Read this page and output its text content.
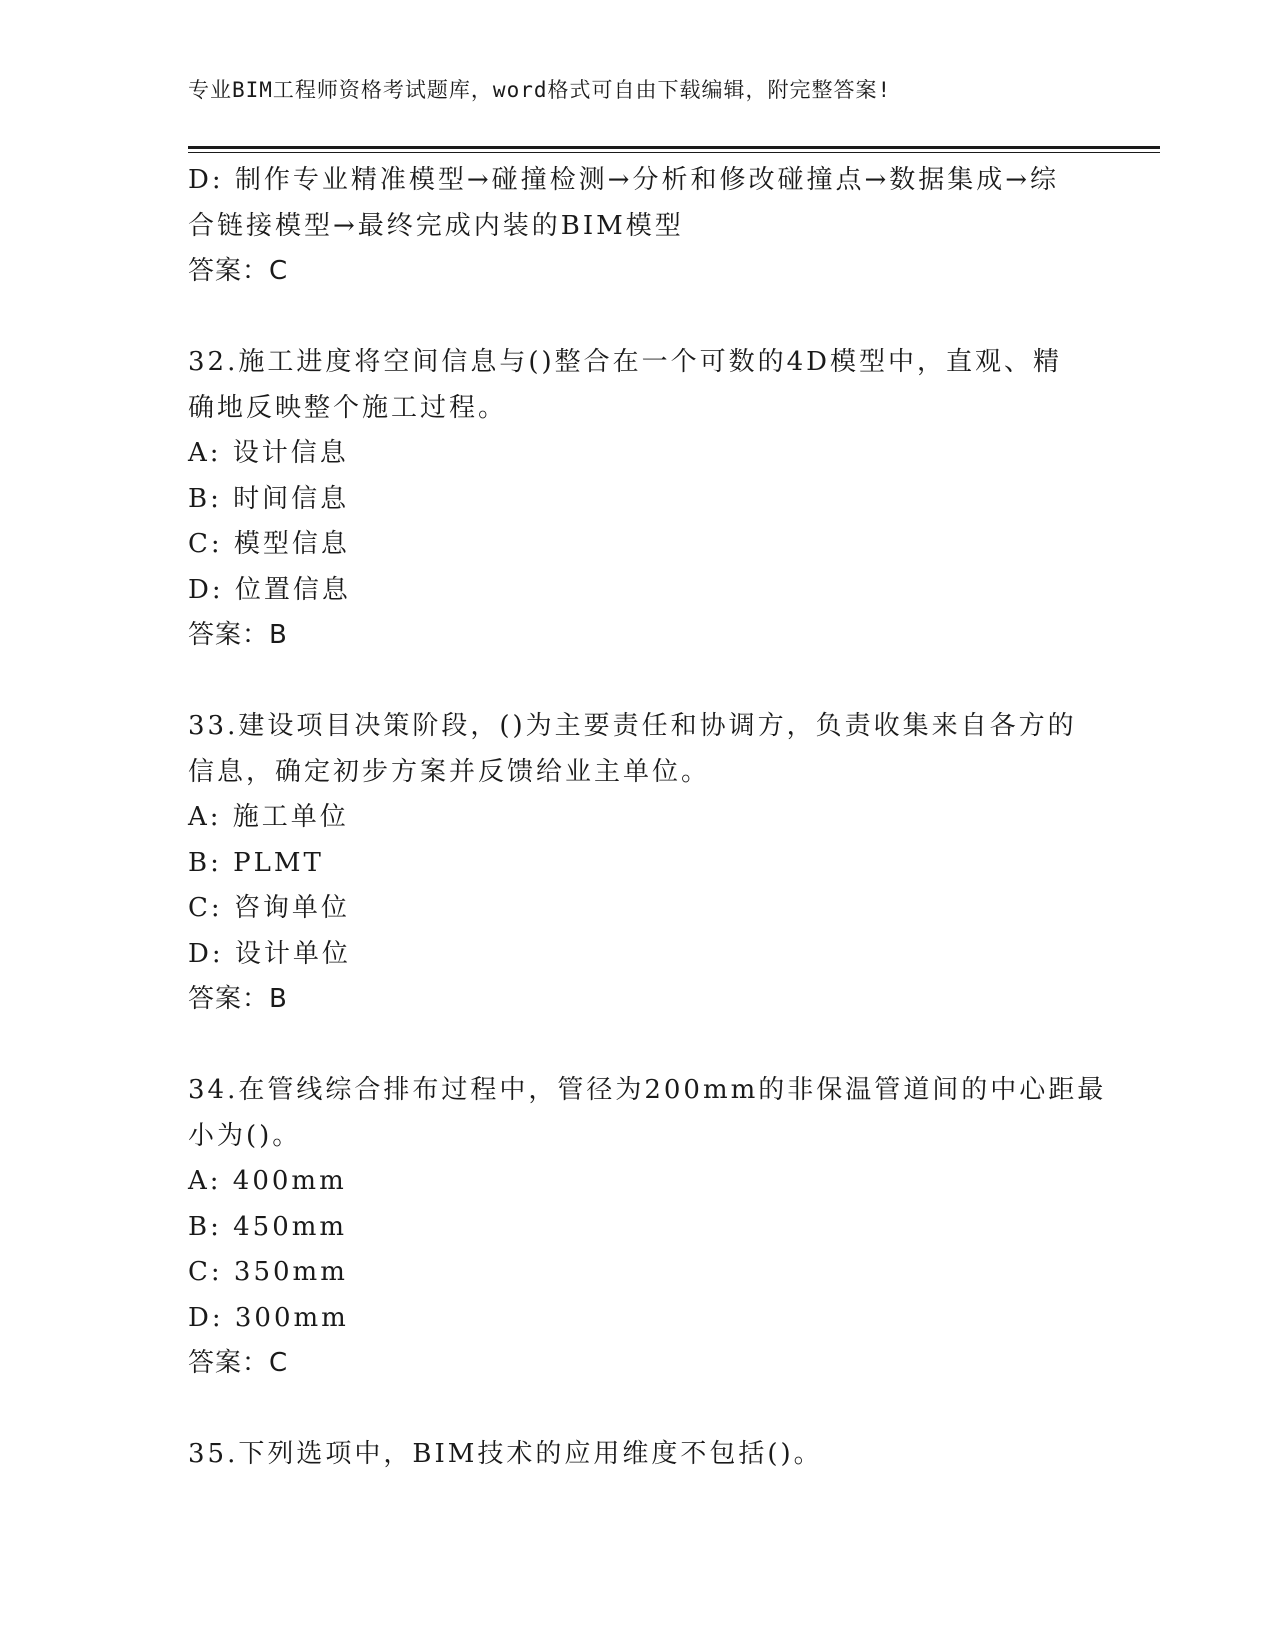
专业BIM工程师资格考试题库，word格式可自由下载编辑，附完整答案!
D: 制作专业精准模型→碰撞检测→分析和修改碰撞点→数据集成→综
合链接模型→最终完成内装的BIM模型
答案：C
32.施工进度将空间信息与()整合在一个可数的4D模型中，直观、精
确地反映整个施工过程。
A: 设计信息
B: 时间信息
C: 模型信息
D: 位置信息
答案：B
33.建设项目决策阶段，()为主要责任和协调方，负责收集来自各方的
信息，确定初步方案并反馈给业主单位。
A: 施工单位
B: PLMT
C: 咨询单位
D: 设计单位
答案：B
34.在管线综合排布过程中，管径为200mm的非保温管道间的中心距最
小为()。
A: 400mm
B: 450mm
C: 350mm
D: 300mm
答案：C
35.下列选项中，BIM技术的应用维度不包括()。
